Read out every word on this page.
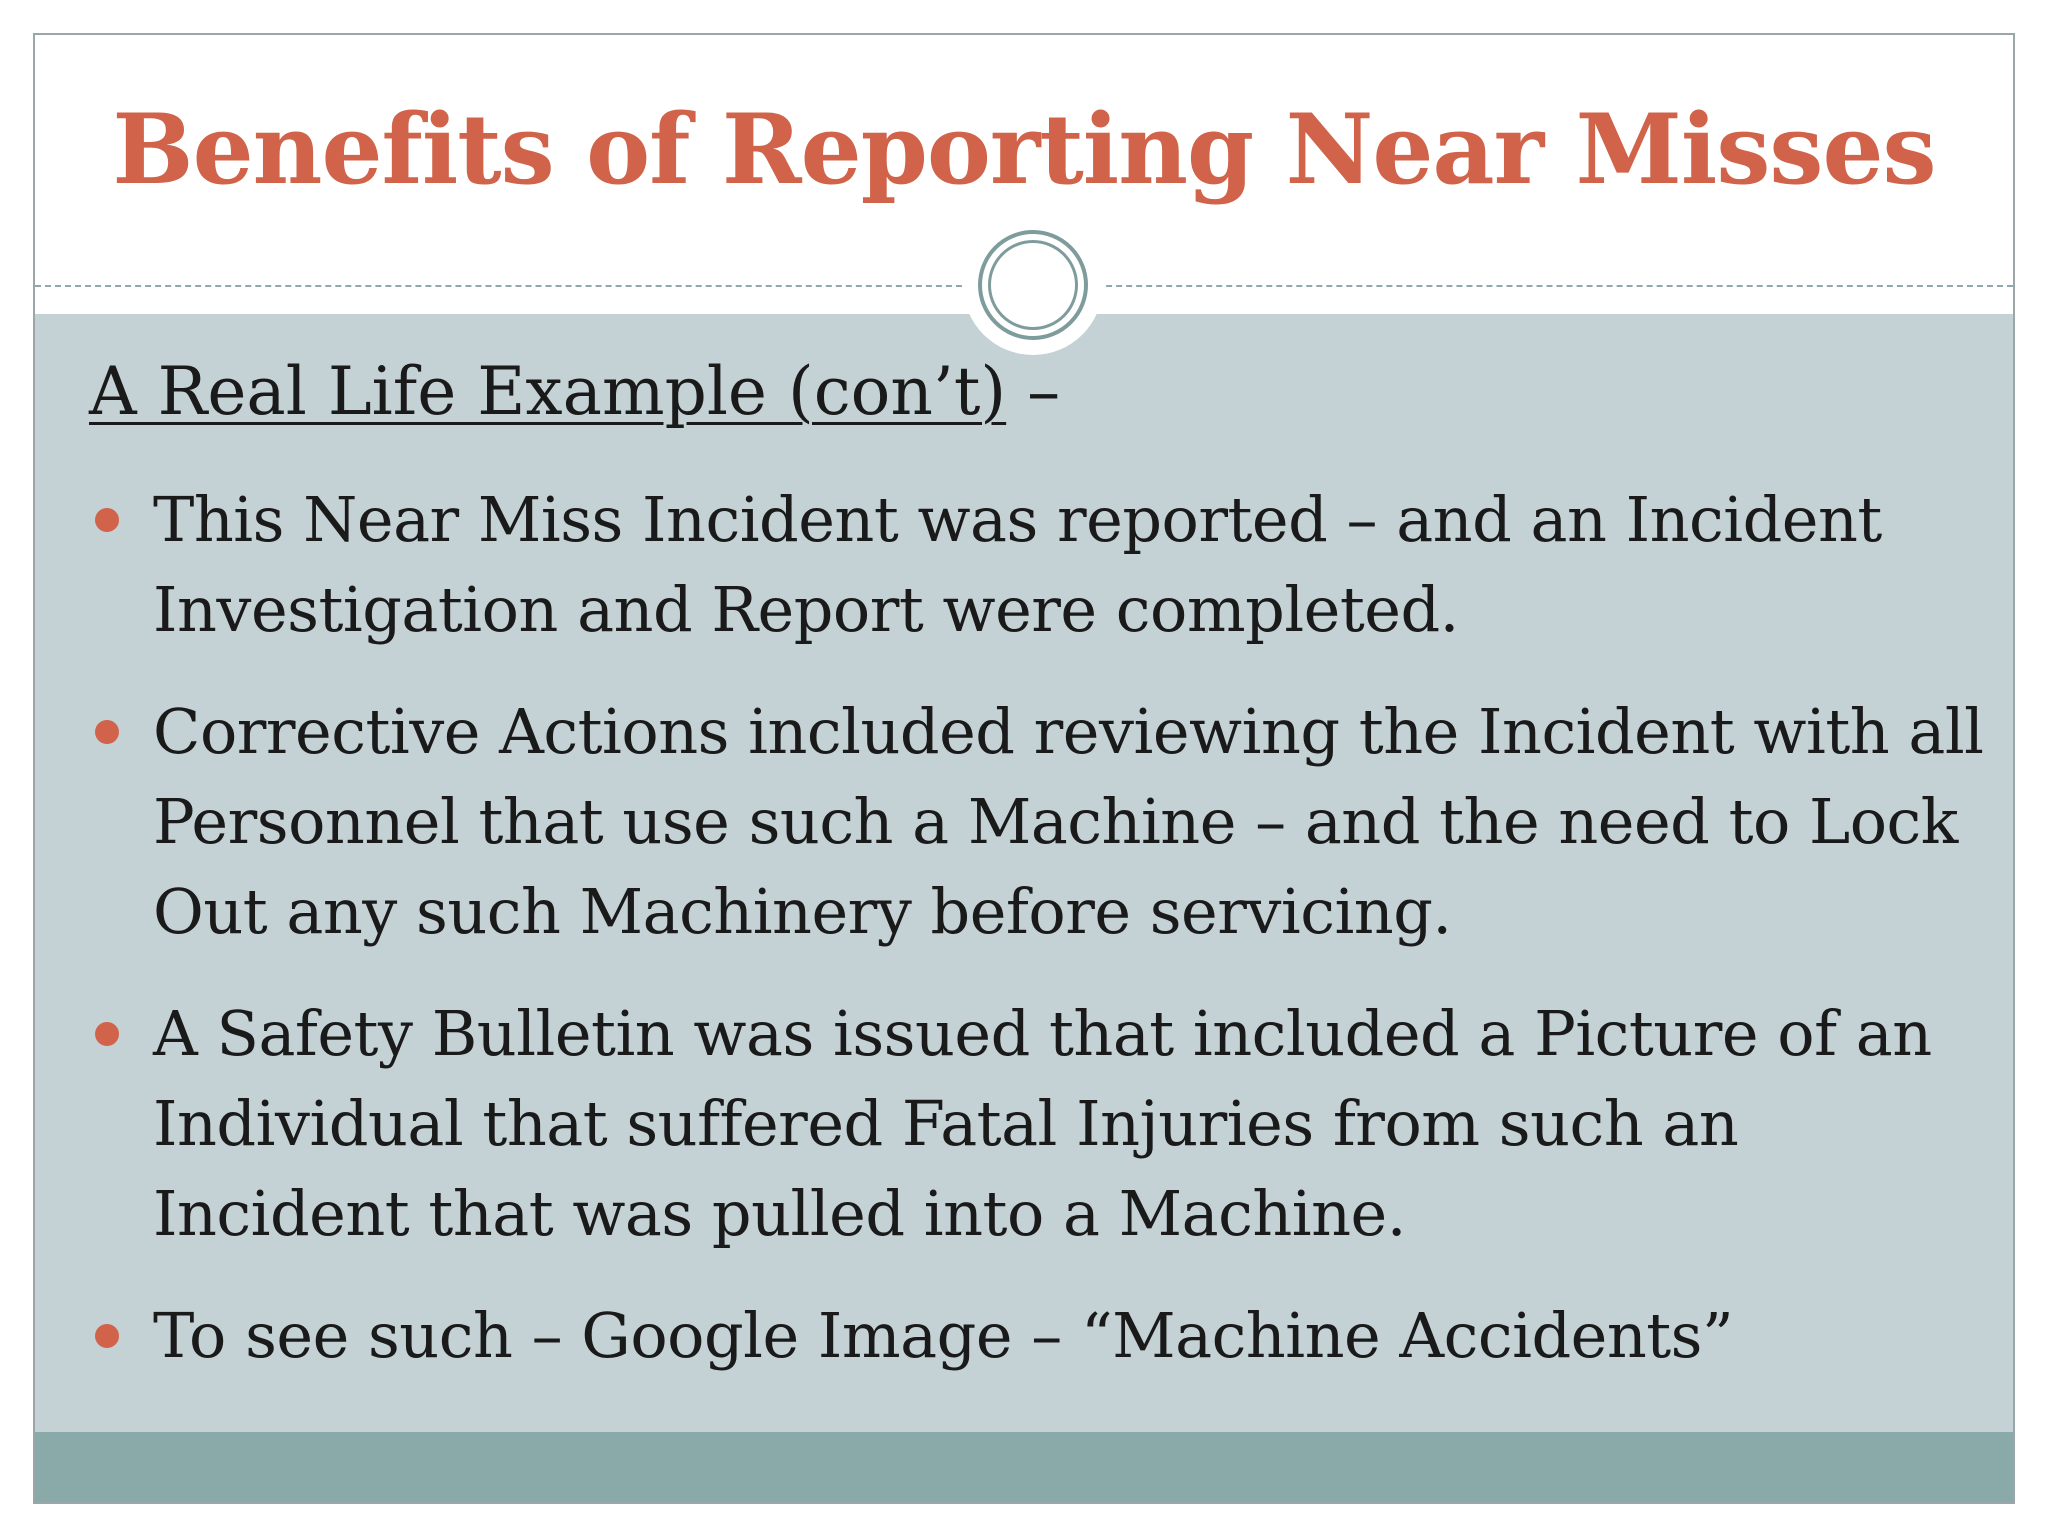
Benefits of Reporting Near Misses
A Real Life Example (con’t) –
This Near Miss Incident was reported – and an Incident Investigation and Report were completed.
Corrective Actions included reviewing the Incident with all Personnel that use such a Machine – and the need to Lock Out any such Machinery before servicing.
A Safety Bulletin was issued that included a Picture of an Individual that suffered Fatal Injuries from such an Incident that was pulled into a Machine.
To see such – Google Image – “Machine Accidents”
